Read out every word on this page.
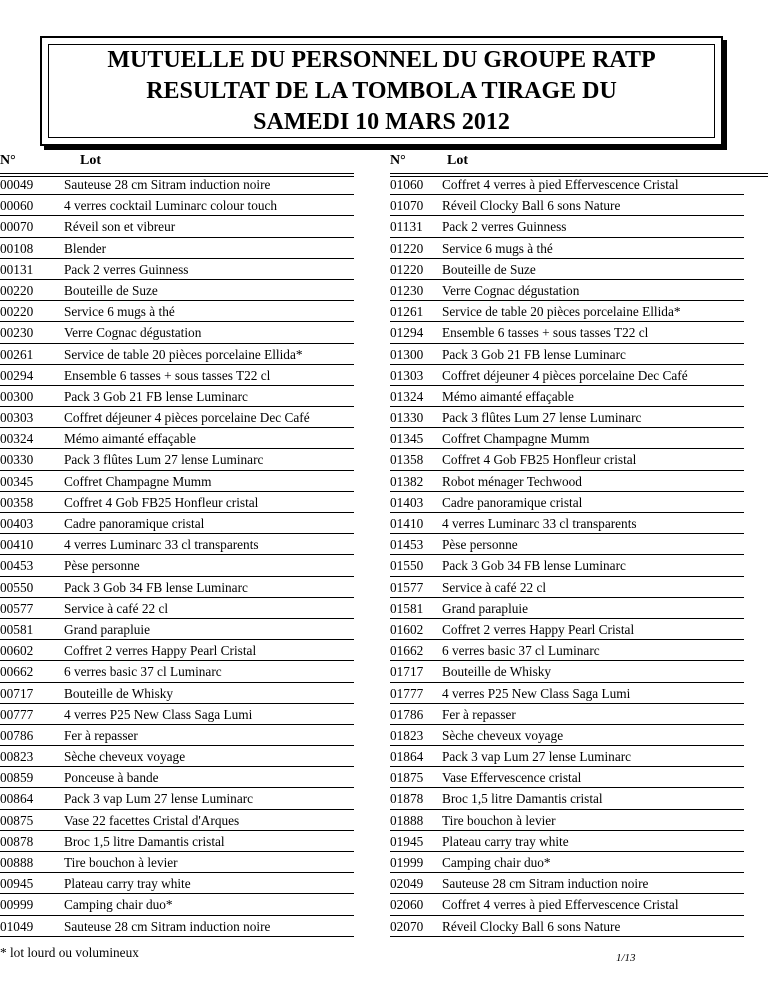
MUTUELLE DU PERSONNEL DU GROUPE RATP
RESULTAT DE LA TOMBOLA TIRAGE DU
SAMEDI 10 MARS 2012
N°	Lot	N°	Lot
00049 Sauteuse 28 cm Sitram induction noire
00060 4 verres cocktail Luminarc colour touch
00070 Réveil son et vibreur
00108 Blender
00131 Pack 2 verres Guinness
00220 Bouteille de Suze
00220 Service 6 mugs à thé
00230 Verre Cognac dégustation
00261 Service de table 20 pièces porcelaine Ellida*
00294 Ensemble 6 tasses + sous tasses T22 cl
00300 Pack 3 Gob 21 FB lense Luminarc
00303 Coffret déjeuner 4 pièces porcelaine Dec Café
00324 Mémo aimanté effaçable
00330 Pack 3 flûtes Lum 27 lense Luminarc
00345 Coffret Champagne Mumm
00358 Coffret 4 Gob FB25 Honfleur cristal
00403 Cadre panoramique cristal
00410 4 verres Luminarc 33 cl transparents
00453 Pèse personne
00550 Pack 3 Gob 34 FB lense Luminarc
00577 Service à café 22 cl
00581 Grand parapluie
00602 Coffret 2 verres Happy Pearl Cristal
00662 6 verres basic 37 cl Luminarc
00717 Bouteille de Whisky
00777 4 verres P25 New Class Saga Lumi
00786 Fer à repasser
00823 Sèche cheveux voyage
00859 Ponceuse à bande
00864 Pack 3 vap Lum 27 lense Luminarc
00875 Vase 22 facettes Cristal d'Arques
00878 Broc 1,5 litre Damantis cristal
00888 Tire bouchon à levier
00945 Plateau carry tray white
00999 Camping chair duo*
01049 Sauteuse 28 cm Sitram induction noire
01060 Coffret 4 verres à pied Effervescence Cristal
01070 Réveil Clocky Ball 6 sons Nature
01131 Pack 2 verres Guinness
01220 Service 6 mugs à thé
01220 Bouteille de Suze
01230 Verre Cognac dégustation
01261 Service de table 20 pièces porcelaine Ellida*
01294 Ensemble 6 tasses + sous tasses T22 cl
01300 Pack 3 Gob 21 FB lense Luminarc
01303 Coffret déjeuner 4 pièces porcelaine Dec Café
01324 Mémo aimanté effaçable
01330 Pack 3 flûtes Lum 27 lense Luminarc
01345 Coffret Champagne Mumm
01358 Coffret 4 Gob FB25 Honfleur cristal
01382 Robot ménager Techwood
01403 Cadre panoramique cristal
01410 4 verres Luminarc 33 cl transparents
01453 Pèse personne
01550 Pack 3 Gob 34 FB lense Luminarc
01577 Service à café 22 cl
01581 Grand parapluie
01602 Coffret 2 verres Happy Pearl Cristal
01662 6 verres basic 37 cl Luminarc
01717 Bouteille de Whisky
01777 4 verres P25 New Class Saga Lumi
01786 Fer à repasser
01823 Sèche cheveux voyage
01864 Pack 3 vap Lum 27 lense Luminarc
01875 Vase Effervescence cristal
01878 Broc 1,5 litre Damantis cristal
01888 Tire bouchon à levier
01945 Plateau carry tray white
01999 Camping chair duo*
02049 Sauteuse 28 cm Sitram induction noire
02060 Coffret 4 verres à pied Effervescence Cristal
02070 Réveil Clocky Ball 6 sons Nature
* lot lourd ou volumineux	1/13
